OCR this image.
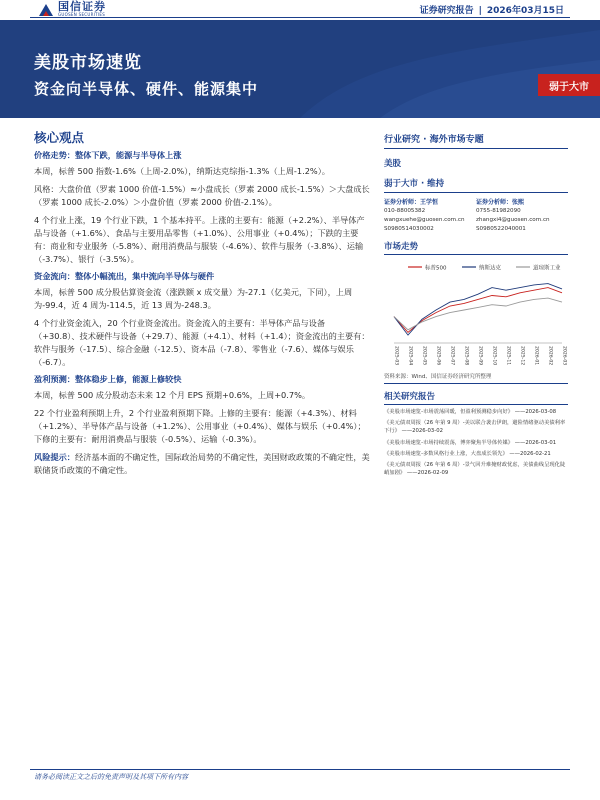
国信证券
GUOSEN SECURITIES	证券研究报告 | 2026年03月15日
美股市场速览
资金向半导体、硬件、能源集中	弱于大市
核心观点
价格走势：整体下跌，能源与半导体上涨
本周，标普 500 指数-1.6%（上周-2.0%），纳斯达克综指-1.3%（上周-1.2%）。
风格：大盘价值（罗素 1000 价值-1.5%）≈小盘成长（罗素 2000 成长-1.5%）＞大盘成长（罗素 1000 成长-2.0%）＞小盘价值（罗素 2000 价值-2.1%）。
4 个行业上涨，19 个行业下跌，1 个基本持平。上涨的主要有：能源（+2.2%）、半导体产品与设备（+1.6%）、食品与主要用品零售（+1.0%）、公用事业（+0.4%）；下跌的主要有：商业和专业服务（-5.8%）、耐用消费品与服装（-4.6%）、软件与服务（-3.8%）、运输（-3.7%）、银行（-3.5%）。
资金流向：整体小幅流出，集中流向半导体与硬件
本周，标普 500 成分股估算资金流（涨跌额 x 成交量）为-27.1（亿美元，下同），上周为-99.4，近 4 周为-114.5，近 13 周为-248.3。
4 个行业资金流入，20 个行业资金流出。资金流入的主要有：半导体产品与设备（+30.8）、技术硬件与设备（+29.7）、能源（+4.1）、材料（+1.4）；资金流出的主要有：软件与服务（-17.5）、综合金融（-12.5）、资本品（-7.8）、零售业（-7.6）、媒体与娱乐（-6.7）。
盈利预测：整体稳步上修，能源上修较快
本周，标普 500 成分股动态未来 12 个月 EPS 预期+0.6%，上周+0.7%。
22 个行业盈利预期上升，2 个行业盈利预期下降。上修的主要有：能源（+4.3%）、材料（+1.2%）、半导体产品与设备（+1.2%）、公用事业（+0.4%）、媒体与娱乐（+0.4%）；下修的主要有：耐用消费品与服装（-0.5%）、运输（-0.3%）。
风险提示：经济基本面的不确定性，国际政治局势的不确定性，美国财政政策的不确定性，美联储货币政策的不确定性。
行业研究 · 海外市场专题
美股
弱于大市 · 维持
证券分析师：王学恒
010-88005382
wangxuehe@guosen.com.cn
S0980514030002
证券分析师：张熙
0755-81982090
zhangxi4@guosen.com.cn
S0980522040001
市场走势
标普500	纳斯达克	道琼斯工业
2025-03 2025-04 2025-05 2025-06 2025-07 2025-08 2025-09 2025-10 2025-11 2025-12 2026-01 2026-02 2026-03
资料来源：Wind、国信证券经济研究所整理
相关研究报告
《美股市场速览-市场震荡回暖，但盈利预测稳步向好》 ——2026-03-08
《美元债双周报（26 年第 9 周）-美以联合袭击伊朗，避险情绪驱动美债利率下行》 ——2026-03-02
《美股市场速览-市场持续震荡，博弈聚焦半导体传媒》 ——2026-03-01
《美股市场速览-多数风格行业上涨，大盘成长领先》 ——2026-02-21
《美元债双周报（26 年第 6 周）-景气回升难掩财政忧虑，美债曲线呈现化陡峭加剧》 ——2026-02-09
请务必阅读正文之后的免责声明及其项下所有内容
